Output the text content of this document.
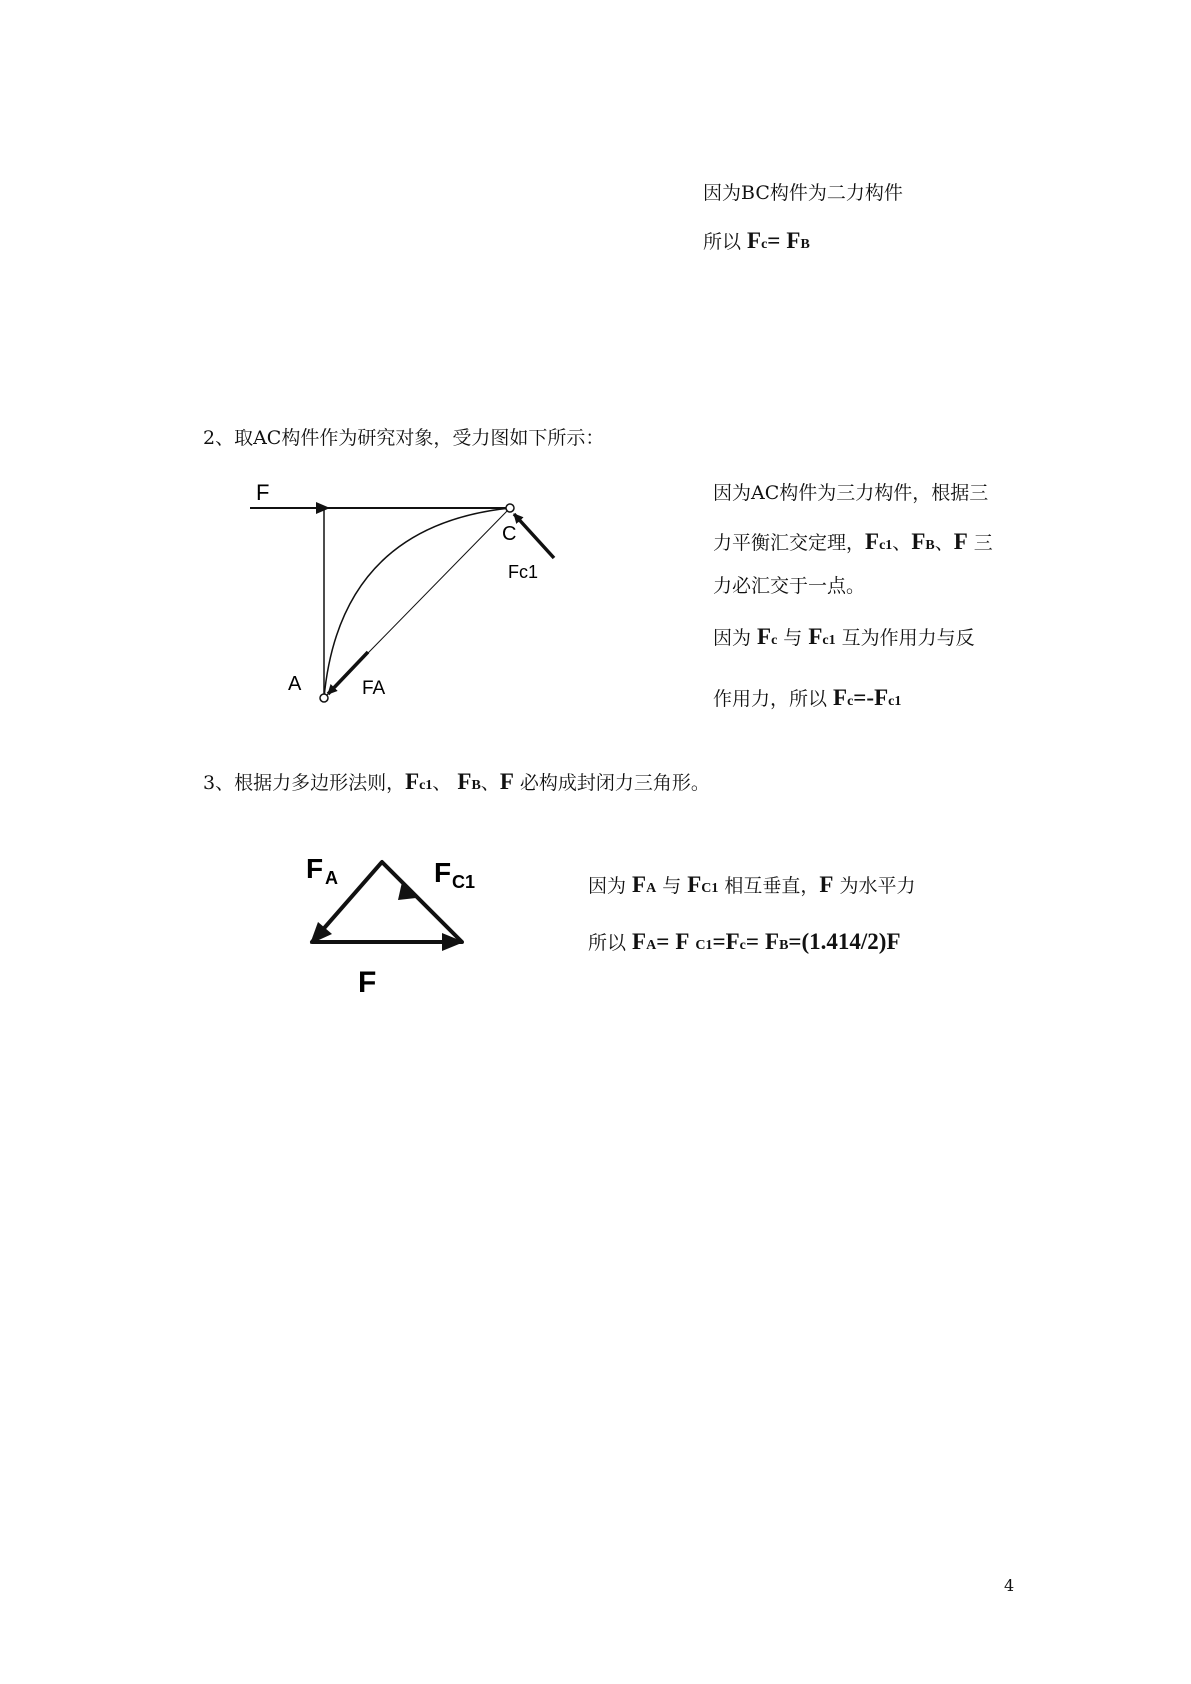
因为BC构件为二力构件
所以 Fc= FB
2、取AC构件作为研究对象，受力图如下所示：
F
C
Fc1
A	FA
因为AC构件为三力构件，根据三
力平衡汇交定理，Fc1、FB、F 三
力必汇交于一点。
因为 Fc 与 Fc1 互为作用力与反
作用力，所以 Fc=-Fc1
3、根据力多边形法则，Fc1、 FB、F 必构成封闭力三角形。
F A	F C1
F
因为 FA 与 FC1 相互垂直，F 为水平力
所以 FA= F C1=Fc= FB=(1.414/2)F
4
